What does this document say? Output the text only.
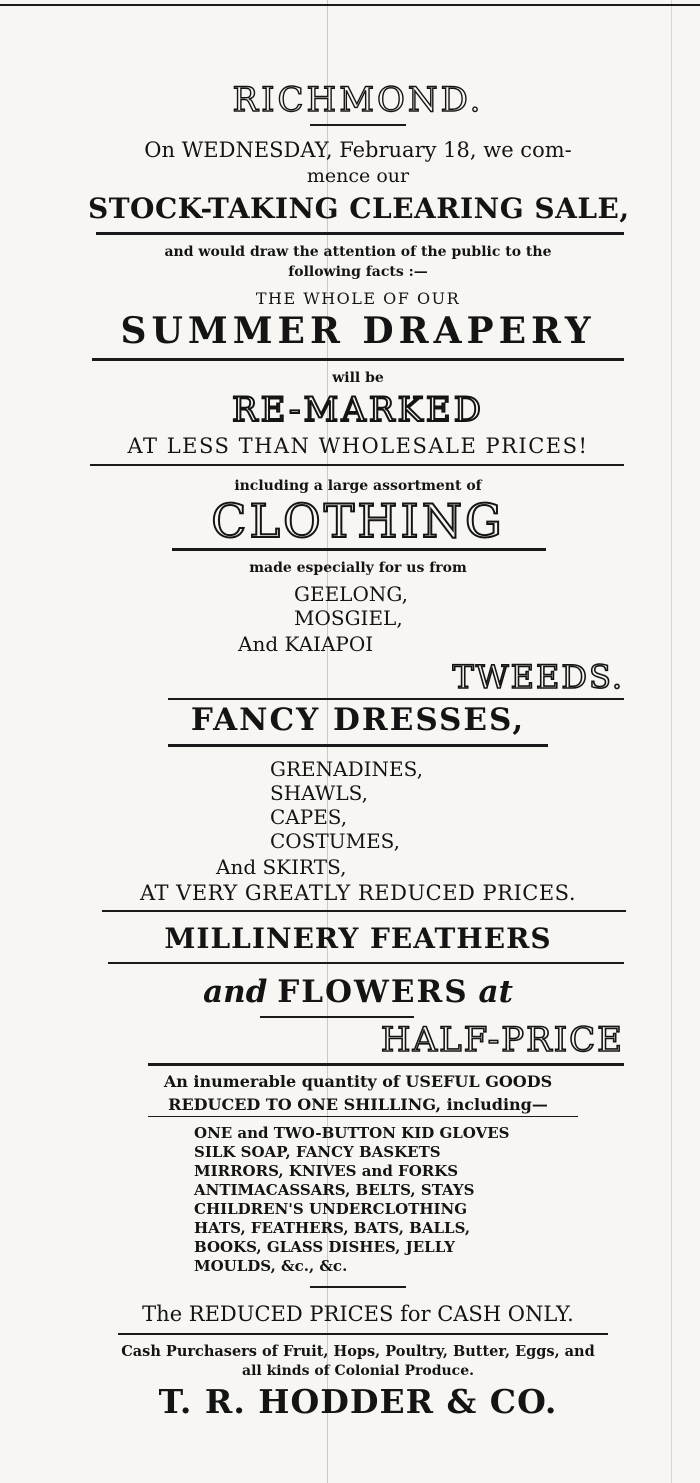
RICHMOND.
On WEDNESDAY, February 18, we com-
mence our
STOCK-TAKING CLEARING SALE,
and would draw the attention of the public to the
following facts :—
THE WHOLE OF OUR
SUMMER DRAPERY
will be
RE-MARKED
AT LESS THAN WHOLESALE PRICES!
including a large assortment of
CLOTHING
made especially for us from
GEELONG,
MOSGIEL,
And KAIAPOI
TWEEDS.
FANCY DRESSES,
GRENADINES,
SHAWLS,
CAPES,
COSTUMES,
And SKIRTS,
AT VERY GREATLY REDUCED PRICES.
MILLINERY FEATHERS
and FLOWERS at
HALF-PRICE
An inumerable quantity of USEFUL GOODS
REDUCED TO ONE SHILLING, including—
ONE and TWO-BUTTON KID GLOVES
SILK SOAP, FANCY BASKETS
MIRRORS, KNIVES and FORKS
ANTIMACASSARS, BELTS, STAYS
CHILDREN'S UNDERCLOTHING
HATS, FEATHERS, BATS, BALLS,
BOOKS, GLASS DISHES, JELLY
MOULDS, &c., &c.
The REDUCED PRICES for CASH ONLY.
Cash Purchasers of Fruit, Hops, Poultry, Butter, Eggs, and
all kinds of Colonial Produce.
T. R. HODDER & CO.
